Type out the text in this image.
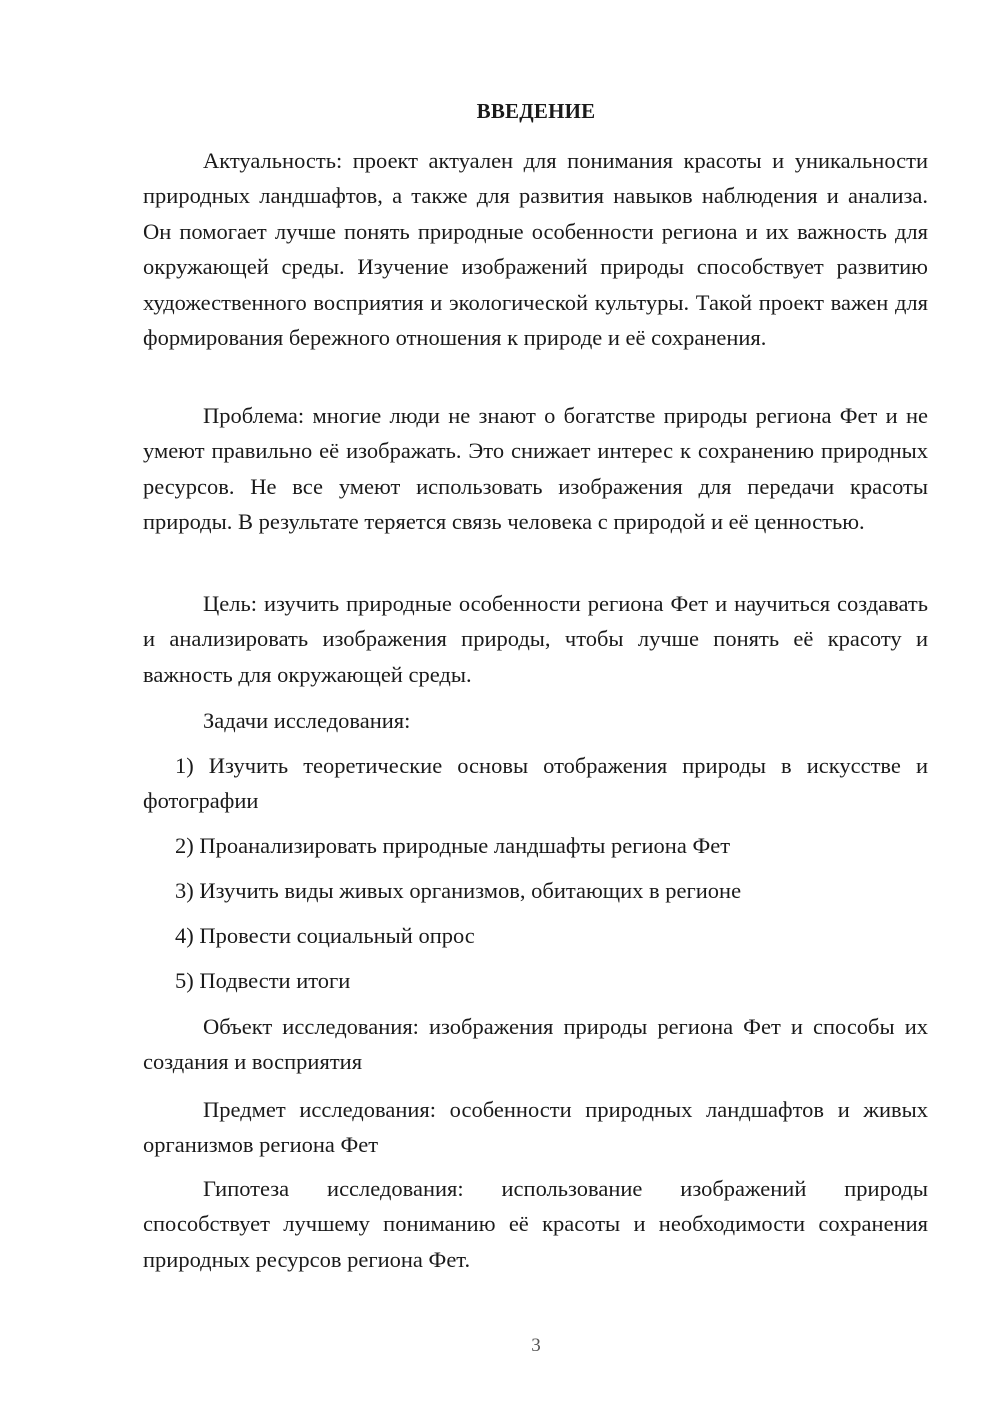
ВВЕДЕНИЕ

Актуальность: проект актуален для понимания красоты и уникальности природных ландшафтов, а также для развития навыков наблюдения и анализа. Он помогает лучше понять природные особенности региона и их важность для окружающей среды. Изучение изображений природы способствует развитию художественного восприятия и экологической культуры. Такой проект важен для формирования бережного отношения к природе и её сохранения.

Проблема: многие люди не знают о богатстве природы региона Фет и не умеют правильно её изображать. Это снижает интерес к сохранению природных ресурсов. Не все умеют использовать изображения для передачи красоты природы. В результате теряется связь человека с природой и её ценностью.

Цель: изучить природные особенности региона Фет и научиться создавать и анализировать изображения природы, чтобы лучше понять её красоту и важность для окружающей среды.

Задачи исследования:

1) Изучить теоретические основы отображения природы в искусстве и фотографии

2) Проанализировать природные ландшафты региона Фет

3) Изучить виды живых организмов, обитающих в регионе

4) Провести социальный опрос

5) Подвести итоги

Объект исследования: изображения природы региона Фет и способы их создания и восприятия

Предмет исследования: особенности природных ландшафтов и живых организмов региона Фет

Гипотеза исследования: использование изображений природы способствует лучшему пониманию её красоты и необходимости сохранения природных ресурсов региона Фет.

3
